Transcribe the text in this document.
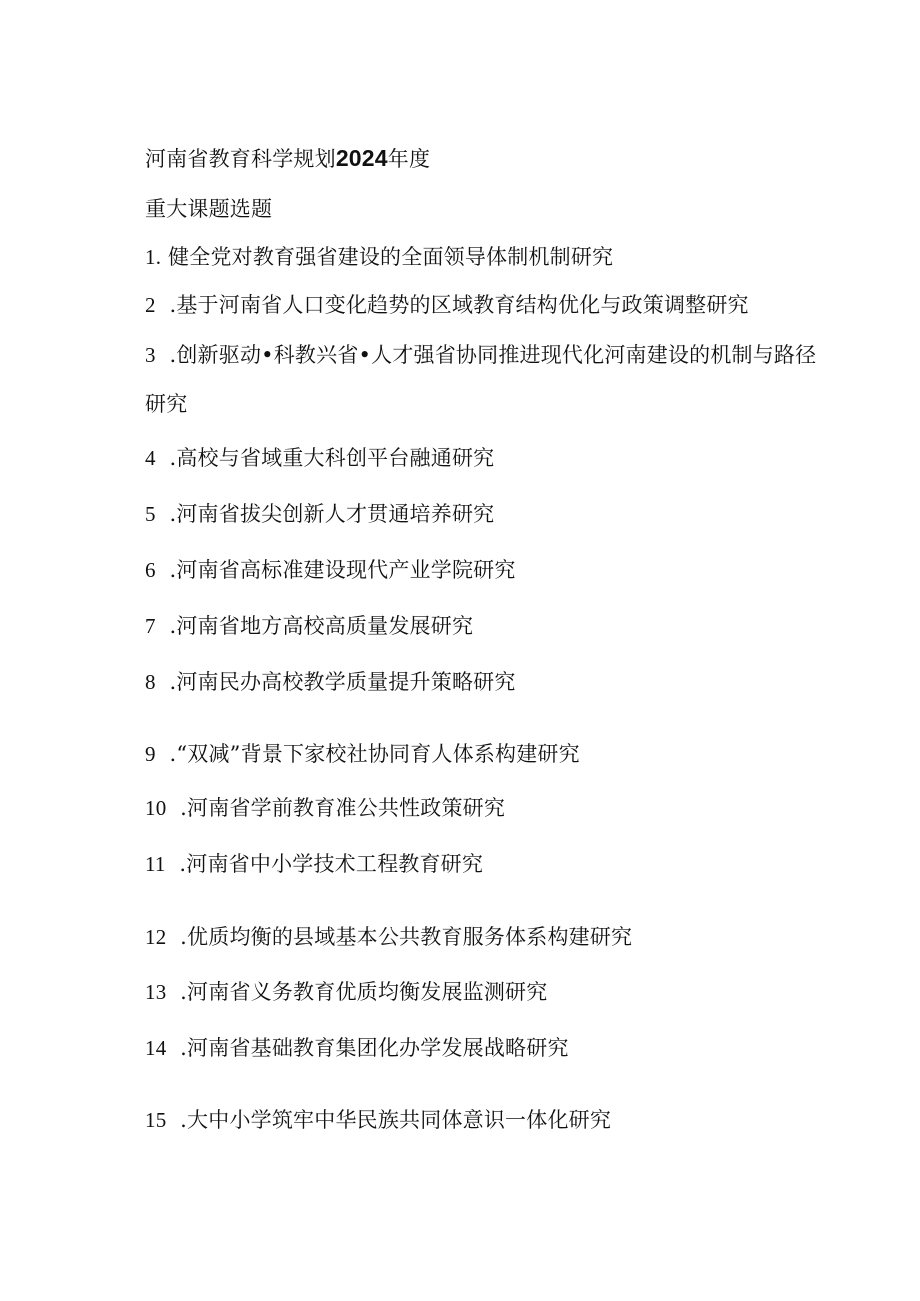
河南省教育科学规划2024年度

重大课题选题

1. 健全党对教育强省建设的全面领导体制机制研究

2 .基于河南省人口变化趋势的区域教育结构优化与政策调整研究

3 .创新驱动•科教兴省•人才强省协同推进现代化河南建设的机制与路径

研究

4 .高校与省域重大科创平台融通研究

5 .河南省拔尖创新人才贯通培养研究

6 .河南省高标准建设现代产业学院研究

7 .河南省地方高校高质量发展研究

8 .河南民办高校教学质量提升策略研究

9 .“双减”背景下家校社协同育人体系构建研究

10 .河南省学前教育准公共性政策研究

11 .河南省中小学技术工程教育研究

12 .优质均衡的县域基本公共教育服务体系构建研究

13 .河南省义务教育优质均衡发展监测研究

14 .河南省基础教育集团化办学发展战略研究

15 .大中小学筑牢中华民族共同体意识一体化研究
